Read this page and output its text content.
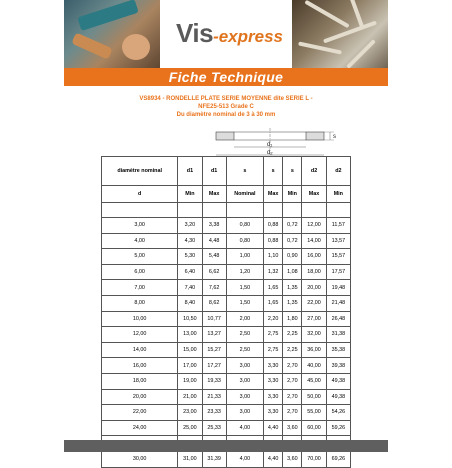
Vis-express
Fiche Technique
VS8934 - RONDELLE PLATE SERIE MOYENNE dite SERIE L -
NFE25-513 Grade C
Du diamètre nominal de 3 à 30 mm
d₁
d₂
s
diamètre nominal	d1	d1	s	s	s	d2	d2
d	Min	Max	Nominal	Max	Min	Max	Min

3,00	3,20	3,38	0,80	0,88	0,72	12,00	11,57
4,00	4,30	4,48	0,80	0,88	0,72	14,00	13,57
5,00	5,30	5,48	1,00	1,10	0,90	16,00	15,57
6,00	6,40	6,62	1,20	1,32	1,08	18,00	17,57
7,00	7,40	7,62	1,50	1,65	1,35	20,00	19,48
8,00	8,40	8,62	1,50	1,65	1,35	22,00	21,48
10,00	10,50	10,77	2,00	2,20	1,80	27,00	26,48
12,00	13,00	13,27	2,50	2,75	2,25	32,00	31,38
14,00	15,00	15,27	2,50	2,75	2,25	36,00	35,38
16,00	17,00	17,27	3,00	3,30	2,70	40,00	39,38
18,00	19,00	19,33	3,00	3,30	2,70	45,00	49,38
20,00	21,00	21,33	3,00	3,30	2,70	50,00	49,38
22,00	23,00	23,33	3,00	3,30	2,70	55,00	54,26
24,00	25,00	25,33	4,00	4,40	3,60	60,00	59,26

30,00	31,00	31,39	4,00	4,40	3,60	70,00	69,26
